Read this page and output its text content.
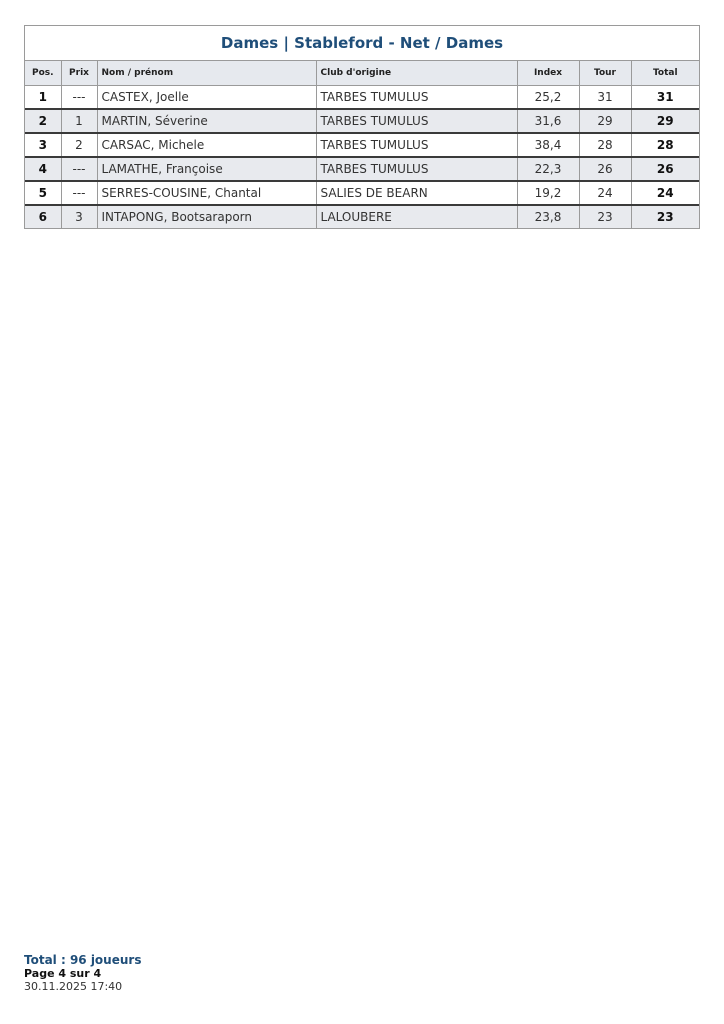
Dames | Stableford - Net / Dames
Pos.	Prix	Nom / prénom	Club d'origine	Index	Tour	Total
1	---	CASTEX, Joelle	TARBES TUMULUS	25,2	31	31
2	1	MARTIN, Séverine	TARBES TUMULUS	31,6	29	29
3	2	CARSAC, Michele	TARBES TUMULUS	38,4	28	28
4	---	LAMATHE, Françoise	TARBES TUMULUS	22,3	26	26
5	---	SERRES-COUSINE, Chantal	SALIES DE BEARN	19,2	24	24
6	3	INTAPONG, Bootsaraporn	LALOUBERE	23,8	23	23
Total : 96 joueurs
Page 4 sur 4
30.11.2025 17:40
